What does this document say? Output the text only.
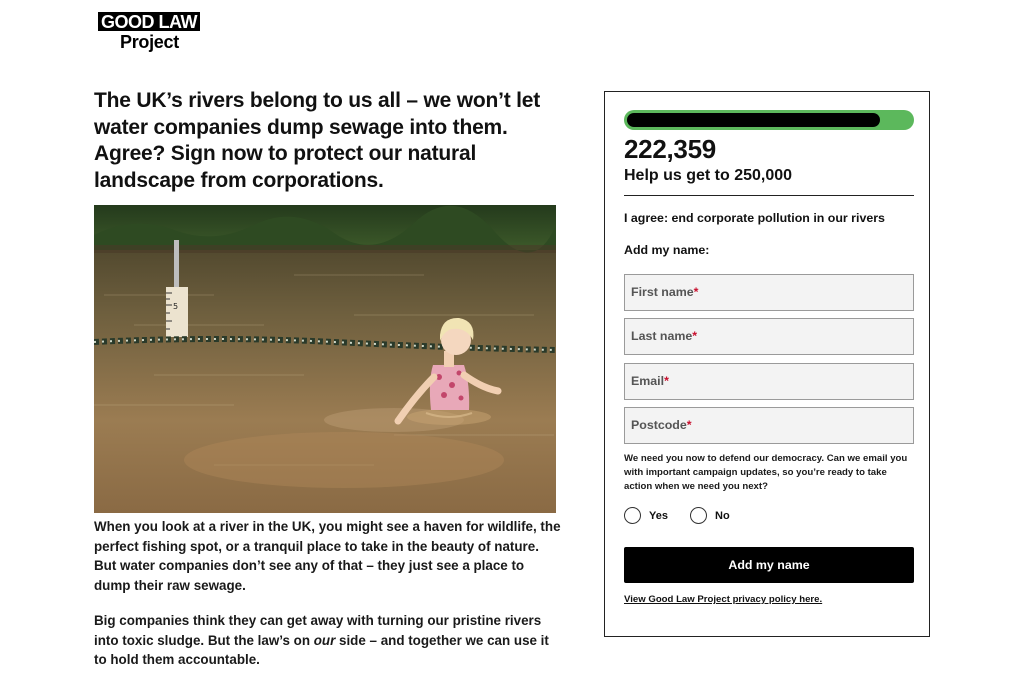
GOOD LAW
Project
The UK’s rivers belong to us all – we won’t let water companies dump sewage into them. Agree? Sign now to protect our natural landscape from corporations.
5

When you look at a river in the UK, you might see a haven for wildlife, the perfect fishing spot, or a tranquil place to take in the beauty of nature. But water companies don’t see any of that – they just see a place to dump their raw sewage.

Big companies think they can get away with turning our pristine rivers into toxic sludge. But the law’s on our side – and together we can use it to hold them accountable.

222,359
Help us get to 250,000
I agree: end corporate pollution in our rivers
Add my name:
First name*
Last name*
Email*
Postcode*

We need you now to defend our democracy. Can we email you with important campaign updates, so you’re ready to take action when we need you next?

Yes	No
Add my name
View Good Law Project privacy policy here.
